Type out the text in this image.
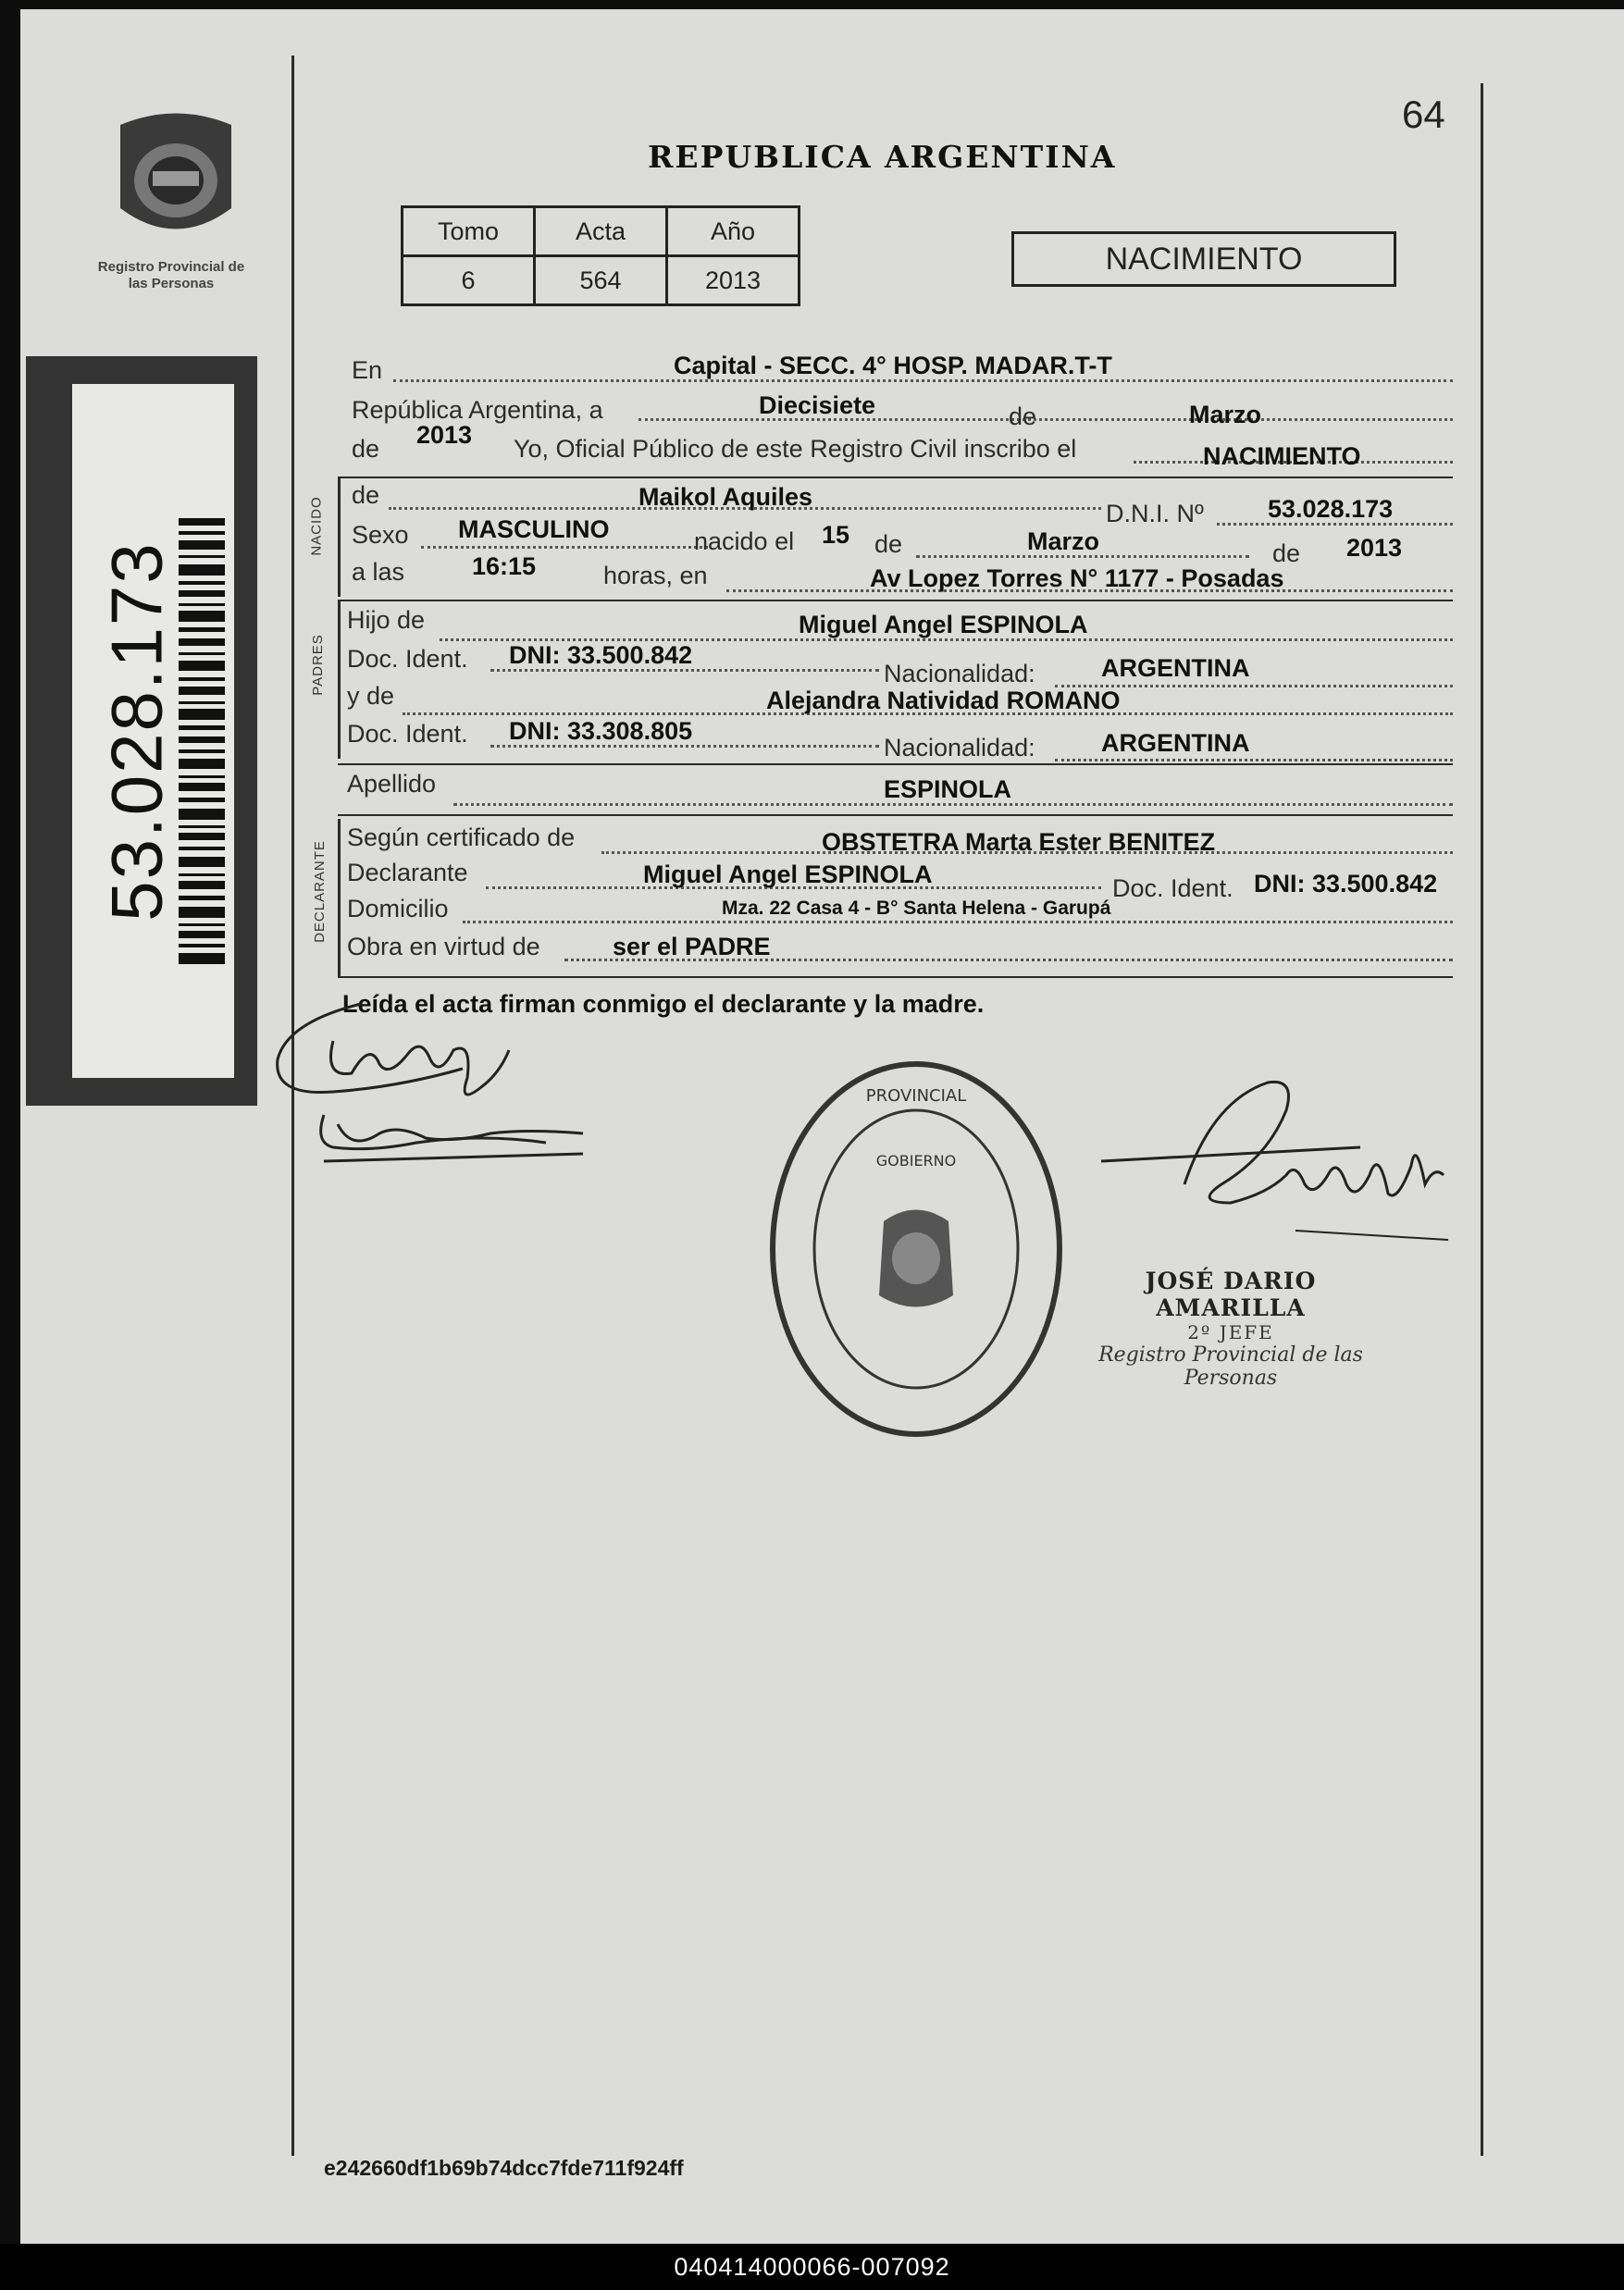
Registro Provincial de las Personas
53.028.173
64
REPUBLICA ARGENTINA
Tomo	Acta	Año
6	564	2013
NACIMIENTO
En	Capital - SECC. 4° HOSP. MADAR.T-T
República Argentina, a	Diecisiete	de	Marzo
de 2013 Yo, Oficial Público de este Registro Civil inscribo el	NACIMIENTO
NACIDO
de	Maikol Aquiles
D.N.I. Nº	53.028.173
Sexo MASCULINO	nacido el 15 de	Marzo	de 2013
a las	16:15	horas, en	Av Lopez Torres N° 1177 - Posadas
PADRES
Hijo de	Miguel Angel ESPINOLA
Doc. Ident. DNI: 33.500.842
Nacionalidad:	ARGENTINA
y de	Alejandra Natividad ROMANO
Doc. Ident. DNI: 33.308.805
Nacionalidad:	ARGENTINA
Apellido	ESPINOLA
DECLARANTE
Según certificado de	OBSTETRA Marta Ester BENITEZ
Declarante	Miguel Angel ESPINOLA	Doc. Ident. DNI: 33.500.842
Domicilio	Mza. 22 Casa 4 - B° Santa Helena - Garupá
Obra en virtud de	ser el PADRE
Leída el acta firman conmigo el declarante y la madre.
PROVINCIAL
GOBIERNO
JOSÉ DARIO AMARILLA
2º JEFE
Registro Provincial de las Personas
e242660df1b69b74dcc7fde711f924ff
040414000066-007092
